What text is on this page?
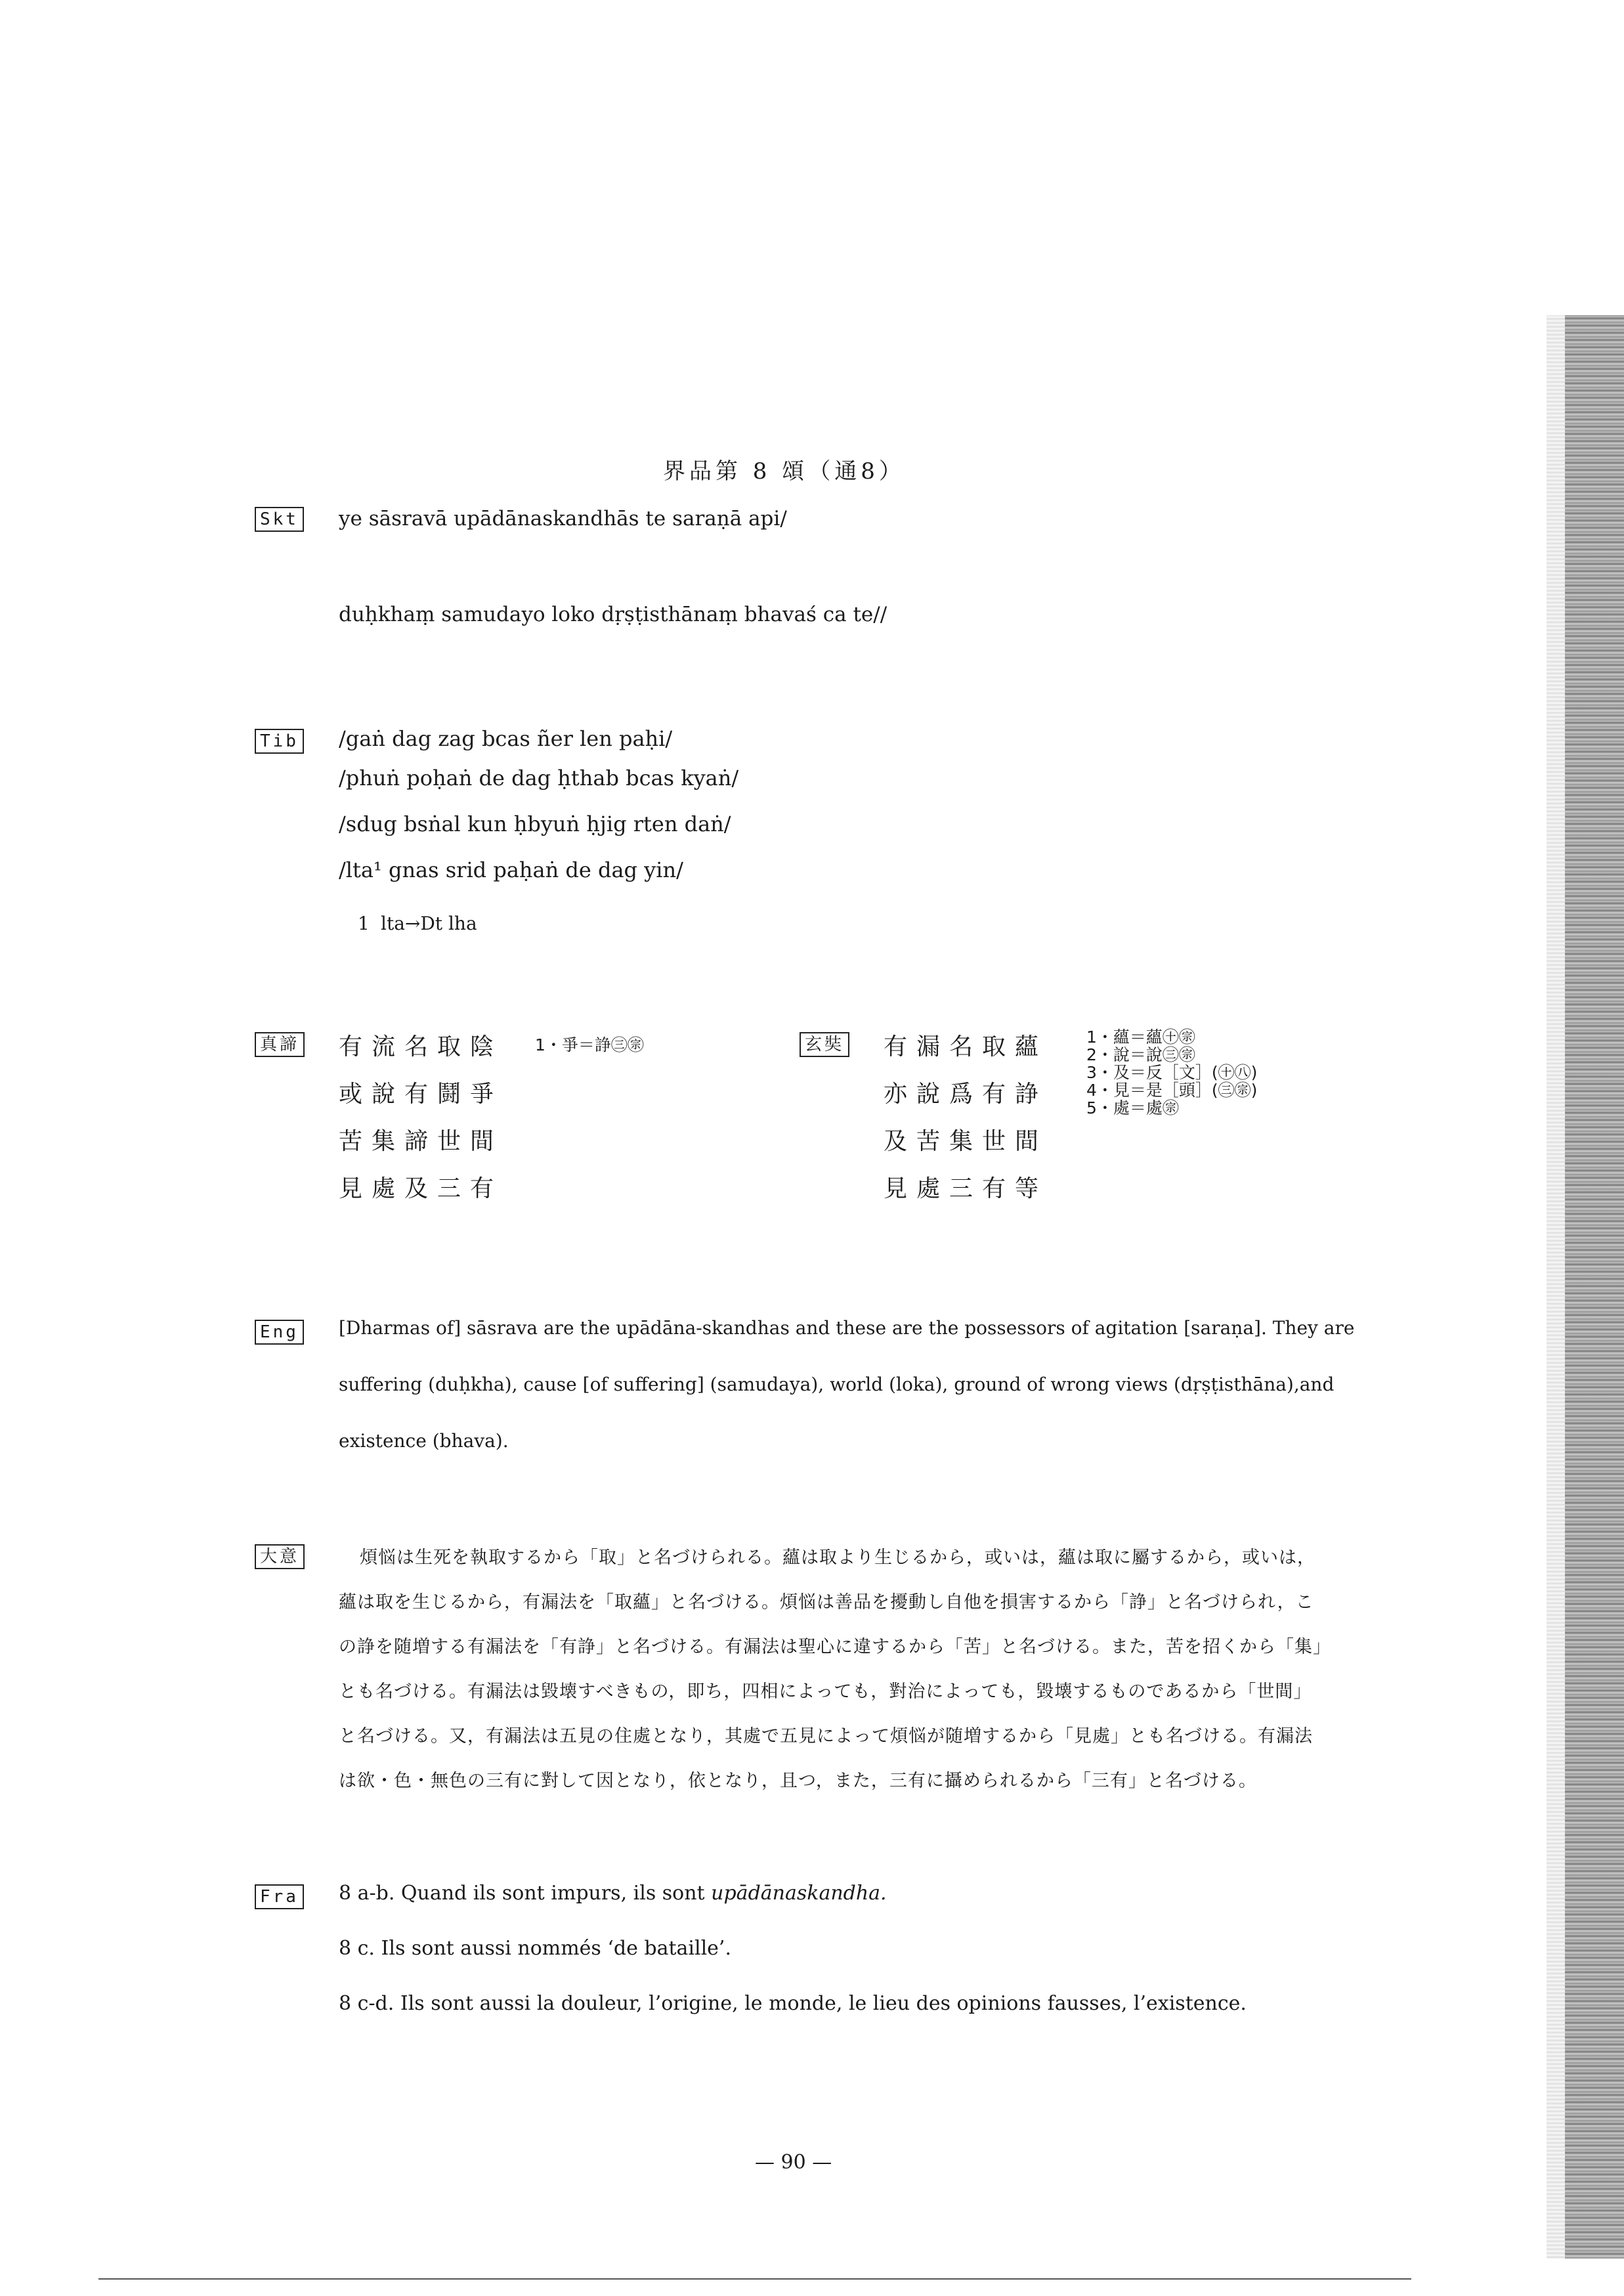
界品第 8 頌（通8）
Skt ye sāsravā upādānaskandhās te saraṇā api/
duḥkhaṃ samudayo loko dṛṣṭisthānaṃ bhavaś ca te//
Tib /gaṅ dag zag bcas ñer len paḥi/
/phuṅ poḥaṅ de dag ḥthab bcas kyaṅ/
/sdug bsṅal kun ḥbyuṅ ḥjig rten daṅ/
/lta¹ gnas srid paḥaṅ de dag yin/
1 lta→Dt lha
真諦 有流名取陰
或說有鬪爭
苦集諦世間
見處及三有
1・爭＝諍㊂㊪	玄奘 有漏名取蘊
亦說爲有諍
及苦集世間
見處三有等
1・蘊＝蘊㊉㊪
2・說＝說㊂㊪
3・及＝反［文］(㊉㊇)
4・見＝是［頭］(㊂㊪)
5・處＝處㊪
Eng [Dharmas of] sāsrava are the upādāna-skandhas and these are the possessors of agitation [saraṇa]. They are
suffering (duḥkha), cause [of suffering] (samudaya), world (loka), ground of wrong views (dṛṣṭisthāna),and
existence (bhava).
大意	煩悩は生死を執取するから「取」と名づけられる。蘊は取より生じるから，或いは，蘊は取に屬するから，或いは，
蘊は取を生じるから，有漏法を「取蘊」と名づける。煩悩は善品を擾動し自他を損害するから「諍」と名づけられ，こ
の諍を随増する有漏法を「有諍」と名づける。有漏法は聖心に違するから「苦」と名づける。また，苦を招くから「集」
とも名づける。有漏法は毀壊すべきもの，即ち，四相によっても，對治によっても，毀壊するものであるから「世間」
と名づける。又，有漏法は五見の住處となり，其處で五見によって煩悩が随増するから「見處」とも名づける。有漏法
は欲・色・無色の三有に對して因となり，依となり，且つ，また，三有に攝められるから「三有」と名づける。
Fra 8 a-b. Quand ils sont impurs, ils sont upādānaskandha.
8 c. Ils sont aussi nommés ‘de bataille’.
8 c-d. Ils sont aussi la douleur, l’origine, le monde, le lieu des opinions fausses, l’existence.
— 90 —
